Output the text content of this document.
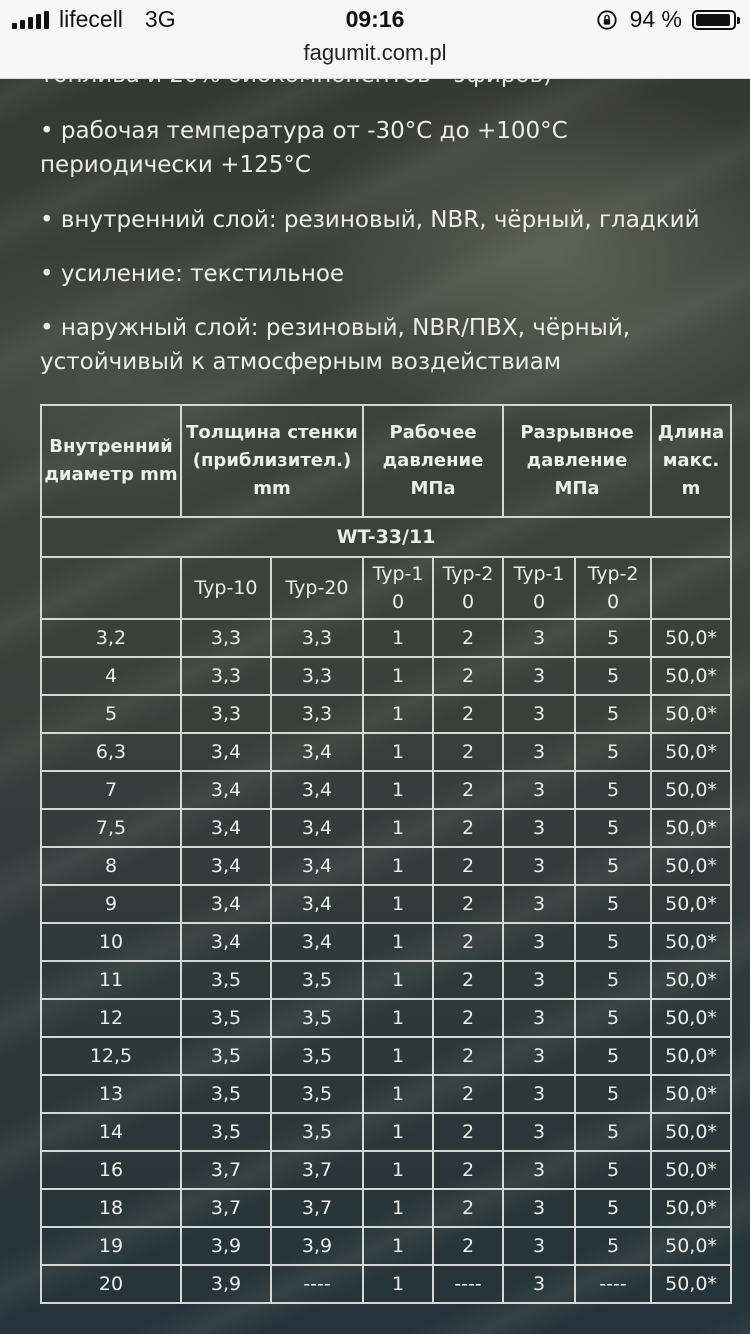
lifecell 3G	09:16	94 %
fagumit.com.pl
• рабочая температура от -30°C до +100°C периодически +125°C
• внутренний слой: резиновый, NBR, чёрный, гладкий
• усиление: текстильное
• наружный слой: резиновый, NBR/ПВХ, чёрный, устойчивый к атмосферным воздействиам
Внутренний диаметр mm	Толщина стенки (приблизител.) mm		Рабочее давление МПа		Разрывное давление МПа		Длина макс. m
WT-33/11							
	Typ-10	Typ-20	Typ-10	Typ-20	Typ-10	Typ-20	
3,2	3,3	3,3	1	2	3	5	50,0*
4	3,3	3,3	1	2	3	5	50,0*
5	3,3	3,3	1	2	3	5	50,0*
6,3	3,4	3,4	1	2	3	5	50,0*
7	3,4	3,4	1	2	3	5	50,0*
7,5	3,4	3,4	1	2	3	5	50,0*
8	3,4	3,4	1	2	3	5	50,0*
9	3,4	3,4	1	2	3	5	50,0*
10	3,4	3,4	1	2	3	5	50,0*
11	3,5	3,5	1	2	3	5	50,0*
12	3,5	3,5	1	2	3	5	50,0*
12,5	3,5	3,5	1	2	3	5	50,0*
13	3,5	3,5	1	2	3	5	50,0*
14	3,5	3,5	1	2	3	5	50,0*
16	3,7	3,7	1	2	3	5	50,0*
18	3,7	3,7	1	2	3	5	50,0*
19	3,9	3,9	1	2	3	5	50,0*
20	3,9	----	1	----	3	----	50,0*
